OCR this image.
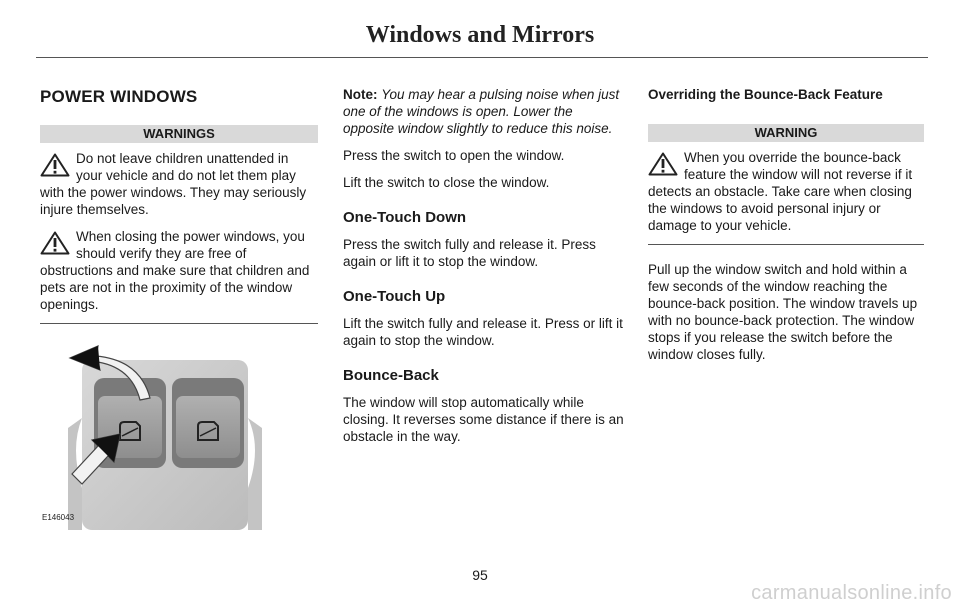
Windows and Mirrors
POWER WINDOWS
WARNINGS
Do not leave children unattended in your vehicle and do not let them play with the power windows. They may seriously injure themselves.
When closing the power windows, you should verify they are free of obstructions and make sure that children and pets are not in the proximity of the window openings.
E146043

Note: You may hear a pulsing noise when just one of the windows is open. Lower the opposite window slightly to reduce this noise.

Press the switch to open the window.

Lift the switch to close the window.

One-Touch Down

Press the switch fully and release it. Press again or lift it to stop the window.

One-Touch Up

Lift the switch fully and release it. Press or lift it again to stop the window.

Bounce-Back

The window will stop automatically while closing. It reverses some distance if there is an obstacle in the way.

Overriding the Bounce-Back Feature
WARNING
When you override the bounce-back feature the window will not reverse if it detects an obstacle. Take care when closing the windows to avoid personal injury or damage to your vehicle.

Pull up the window switch and hold within a few seconds of the window reaching the bounce-back position. The window travels up with no bounce-back protection. The window stops if you release the switch before the window closes fully.

95
carmanualsonline.info
